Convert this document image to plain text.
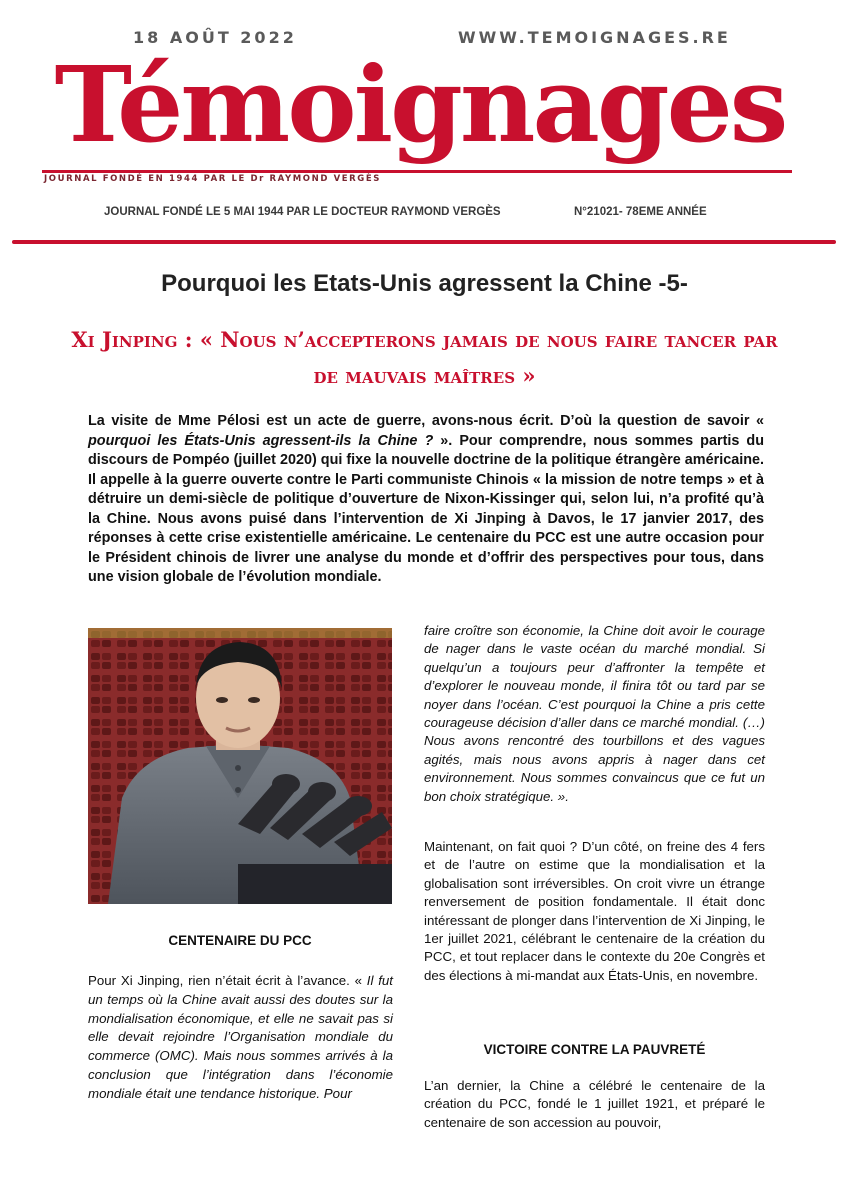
18 AOÛT 2022	WWW.TEMOIGNAGES.RE
Témoignages
JOURNAL FONDÉ EN 1944 PAR LE Dr RAYMOND VERGÈS
JOURNAL FONDÉ LE 5 MAI 1944 PAR LE DOCTEUR RAYMOND VERGÈS	N°21021- 78EME ANNÉE
Pourquoi les Etats-Unis agressent la Chine -5-
Xi Jinping : « Nous n’accepterons jamais de nous faire tancer par de mauvais maîtres »

La visite de Mme Pélosi est un acte de guerre, avons-nous écrit. D’où la question de savoir « pourquoi les États-Unis agressent-ils la Chine ? ». Pour comprendre, nous sommes partis du discours de Pompéo (juillet 2020) qui fixe la nouvelle doctrine de la politique étrangère américaine. Il appelle à la guerre ouverte contre le Parti communiste Chinois « la mission de notre temps » et à détruire un demi-siècle de politique d’ouverture de Nixon-Kissinger qui, selon lui, n’a profité qu’à la Chine. Nous avons puisé dans l’intervention de Xi Jinping à Davos, le 17 janvier 2017, des réponses à cette crise existentielle américaine. Le centenaire du PCC est une autre occasion pour le Président chinois de livrer une analyse du monde et d’offrir des perspectives pour tous, dans une vision globale de l’évolution mondiale.

CENTENAIRE DU PCC

Pour Xi Jinping, rien n’était écrit à l’avance. « Il fut un temps où la Chine avait aussi des doutes sur la mondialisation économique, et elle ne savait pas si elle devait rejoindre l’Organisation mondiale du commerce (OMC). Mais nous sommes arrivés à la conclusion que l’intégration dans l’économie mondiale était une tendance historique. Pour

faire croître son économie, la Chine doit avoir le courage de nager dans le vaste océan du marché mondial. Si quelqu’un a toujours peur d’affronter la tempête et d’explorer le nouveau monde, il finira tôt ou tard par se noyer dans l’océan. C’est pourquoi la Chine a pris cette courageuse décision d’aller dans ce marché mondial. (…) Nous avons rencontré des tourbillons et des vagues agités, mais nous avons appris à nager dans cet environnement. Nous sommes convaincus que ce fut un bon choix stratégique. ».

Maintenant, on fait quoi ? D’un côté, on freine des 4 fers et de l’autre on estime que la mondialisation et la globalisation sont irréversibles. On croit vivre un étrange renversement de position fondamentale. Il était donc intéressant de plonger dans l’intervention de Xi Jinping, le 1er juillet 2021, célébrant le centenaire de la création du PCC, et tout replacer dans le contexte du 20e Congrès et des élections à mi-mandat aux États-Unis, en novembre.

VICTOIRE CONTRE LA PAUVRETÉ

L’an dernier, la Chine a célébré le centenaire de la création du PCC, fondé le 1 juillet 1921, et préparé le centenaire de son accession au pouvoir,
